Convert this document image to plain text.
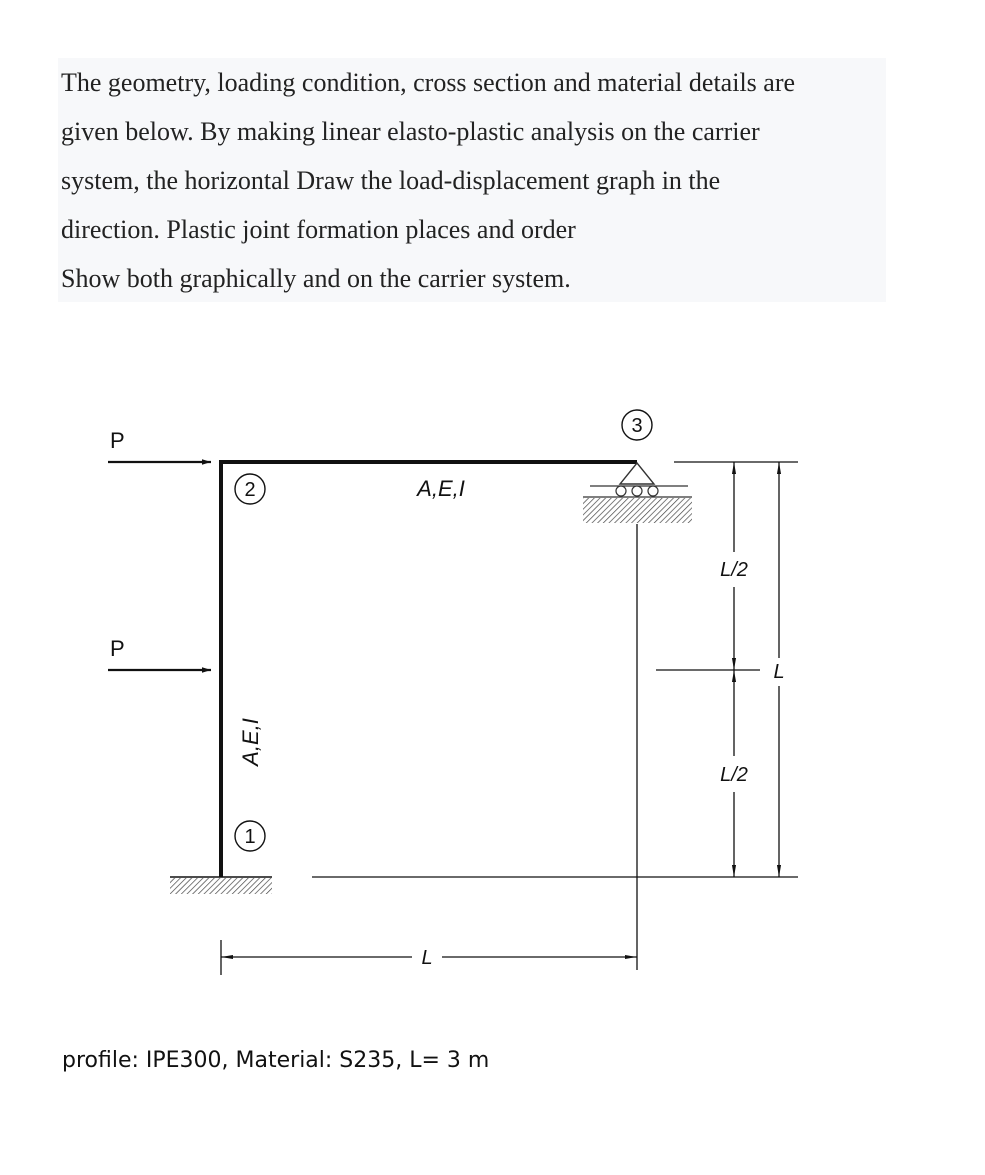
The geometry, loading condition, cross section and material details are

given below. By making linear elasto-plastic analysis on the carrier

system, the horizontal Draw the load-displacement graph in the

direction. Plastic joint formation places and order

Show both graphically and on the carrier system.

P
P
2
1
3
A,E,I
A,E,I
L/2
L/2
L
L
profile: IPE300, Material: S235, L= 3 m
